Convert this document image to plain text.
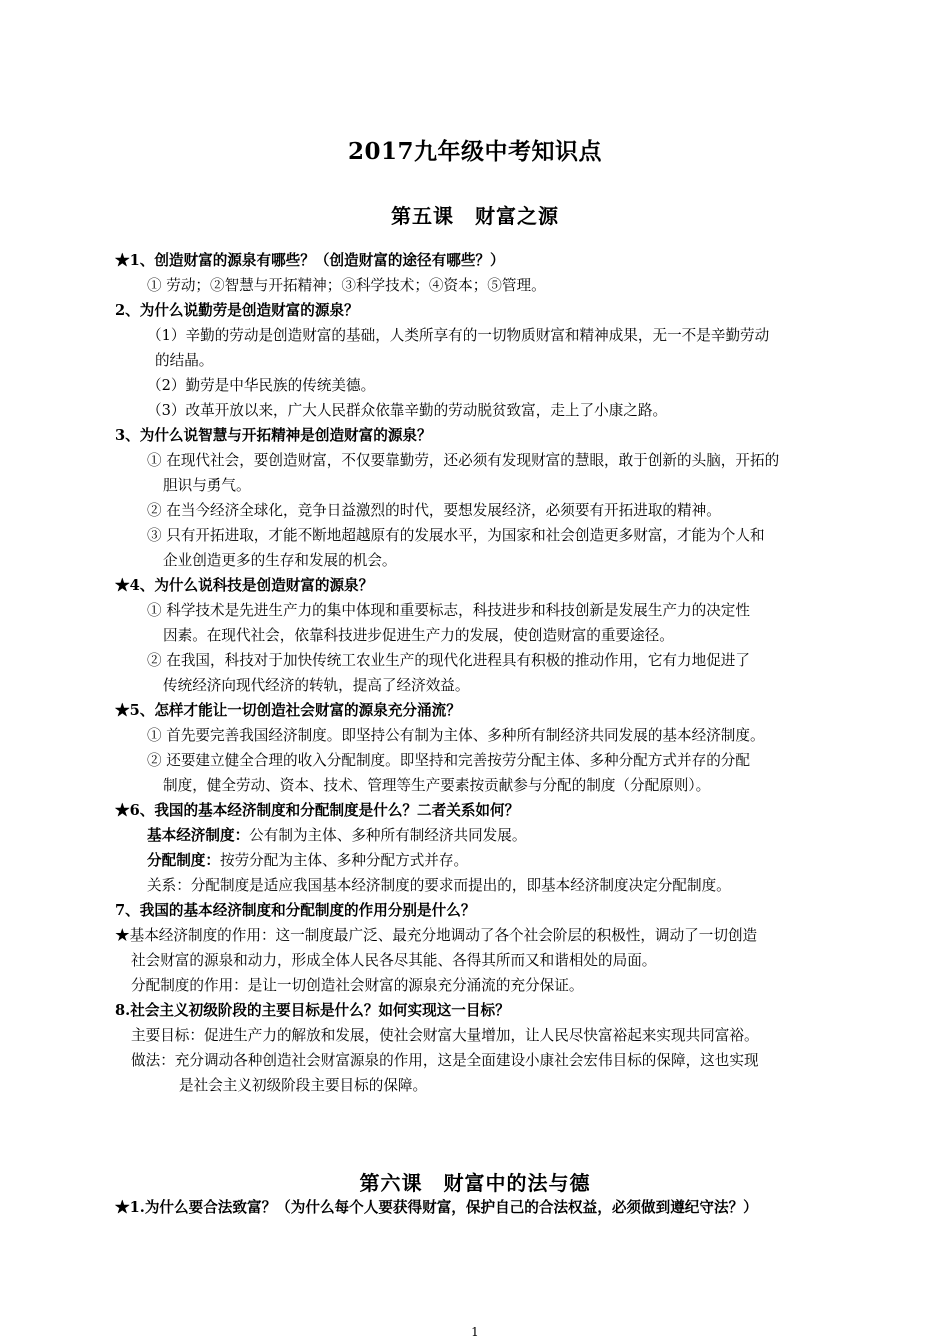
2017九年级中考知识点
第五课　财富之源
★1、创造财富的源泉有哪些？（创造财富的途径有哪些？）
① 劳动；②智慧与开拓精神；③科学技术；④资本；⑤管理。
2、为什么说勤劳是创造财富的源泉？
（1）辛勤的劳动是创造财富的基础，人类所享有的一切物质财富和精神成果，无一不是辛勤劳动
的结晶。
（2）勤劳是中华民族的传统美德。
（3）改革开放以来，广大人民群众依靠辛勤的劳动脱贫致富，走上了小康之路。
3、为什么说智慧与开拓精神是创造财富的源泉？
① 在现代社会，要创造财富，不仅要靠勤劳，还必须有发现财富的慧眼，敢于创新的头脑，开拓的
胆识与勇气。
② 在当今经济全球化，竞争日益激烈的时代，要想发展经济，必须要有开拓进取的精神。
③ 只有开拓进取，才能不断地超越原有的发展水平，为国家和社会创造更多财富，才能为个人和
企业创造更多的生存和发展的机会。
★4、为什么说科技是创造财富的源泉？
① 科学技术是先进生产力的集中体现和重要标志，科技进步和科技创新是发展生产力的决定性
因素。在现代社会，依靠科技进步促进生产力的发展，使创造财富的重要途径。
② 在我国，科技对于加快传统工农业生产的现代化进程具有积极的推动作用，它有力地促进了
传统经济向现代经济的转轨，提高了经济效益。
★5、怎样才能让一切创造社会财富的源泉充分涌流？
① 首先要完善我国经济制度。即坚持公有制为主体、多种所有制经济共同发展的基本经济制度。
② 还要建立健全合理的收入分配制度。即坚持和完善按劳分配主体、多种分配方式并存的分配
制度，健全劳动、资本、技术、管理等生产要素按贡献参与分配的制度（分配原则）。
★6、我国的基本经济制度和分配制度是什么？二者关系如何？
基本经济制度：公有制为主体、多种所有制经济共同发展。
分配制度：按劳分配为主体、多种分配方式并存。
关系：分配制度是适应我国基本经济制度的要求而提出的，即基本经济制度决定分配制度。
7、我国的基本经济制度和分配制度的作用分别是什么？
★基本经济制度的作用：这一制度最广泛、最充分地调动了各个社会阶层的积极性，调动了一切创造
社会财富的源泉和动力，形成全体人民各尽其能、各得其所而又和谐相处的局面。
分配制度的作用：是让一切创造社会财富的源泉充分涌流的充分保证。
8.社会主义初级阶段的主要目标是什么？如何实现这一目标？
主要目标：促进生产力的解放和发展，使社会财富大量增加，让人民尽快富裕起来实现共同富裕。
做法：充分调动各种创造社会财富源泉的作用，这是全面建设小康社会宏伟目标的保障，这也实现
是社会主义初级阶段主要目标的保障。
第六课　财富中的法与德
★1.为什么要合法致富？（为什么每个人要获得财富，保护自己的合法权益，必须做到遵纪守法？）
1
